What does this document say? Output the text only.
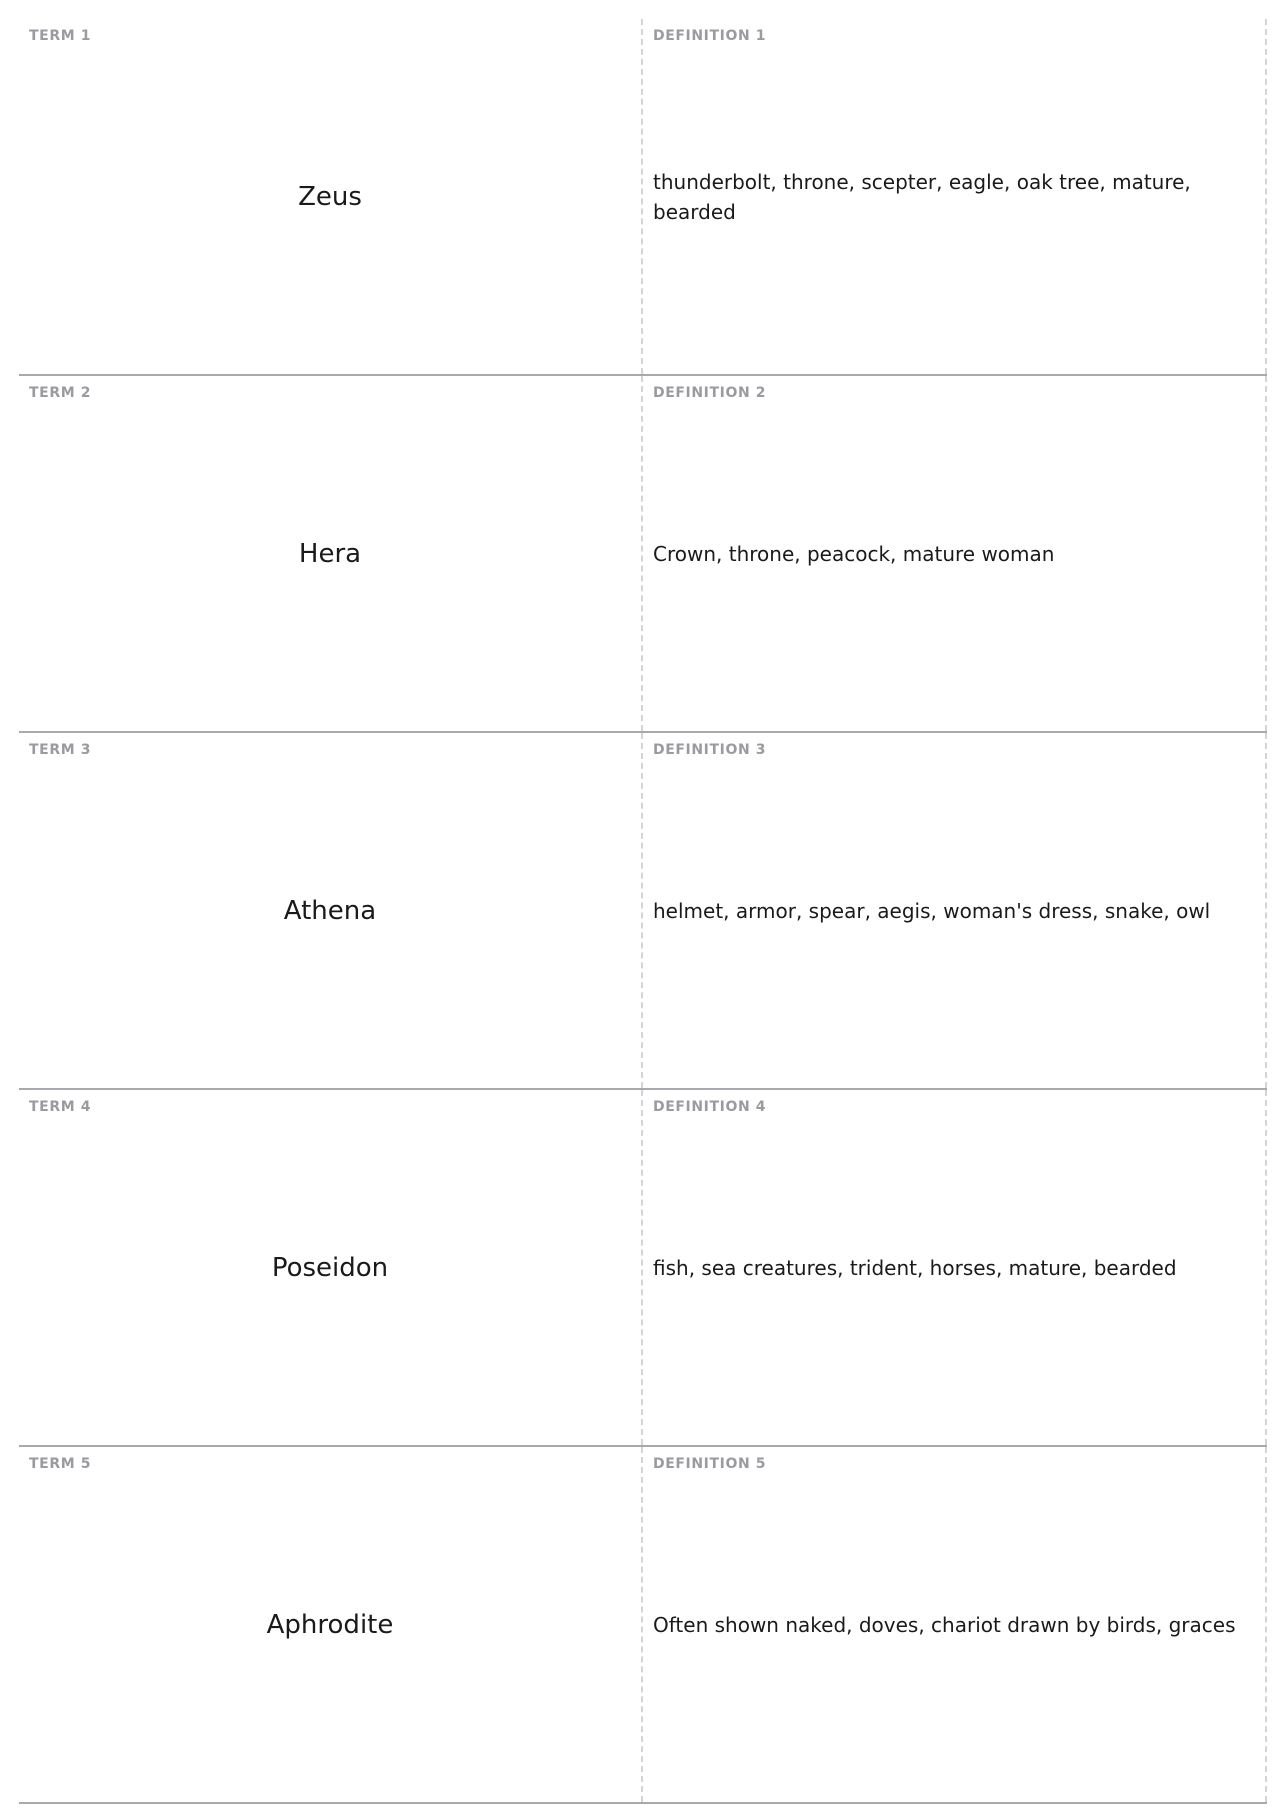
TERM 1
Zeus
DEFINITION 1
thunderbolt, throne, scepter, eagle, oak tree, mature, bearded
TERM 2
Hera
DEFINITION 2
Crown, throne, peacock, mature woman
TERM 3
Athena
DEFINITION 3
helmet, armor, spear, aegis, woman's dress, snake, owl
TERM 4
Poseidon
DEFINITION 4
fish, sea creatures, trident, horses, mature, bearded
TERM 5
Aphrodite
DEFINITION 5
Often shown naked, doves, chariot drawn by birds, graces
